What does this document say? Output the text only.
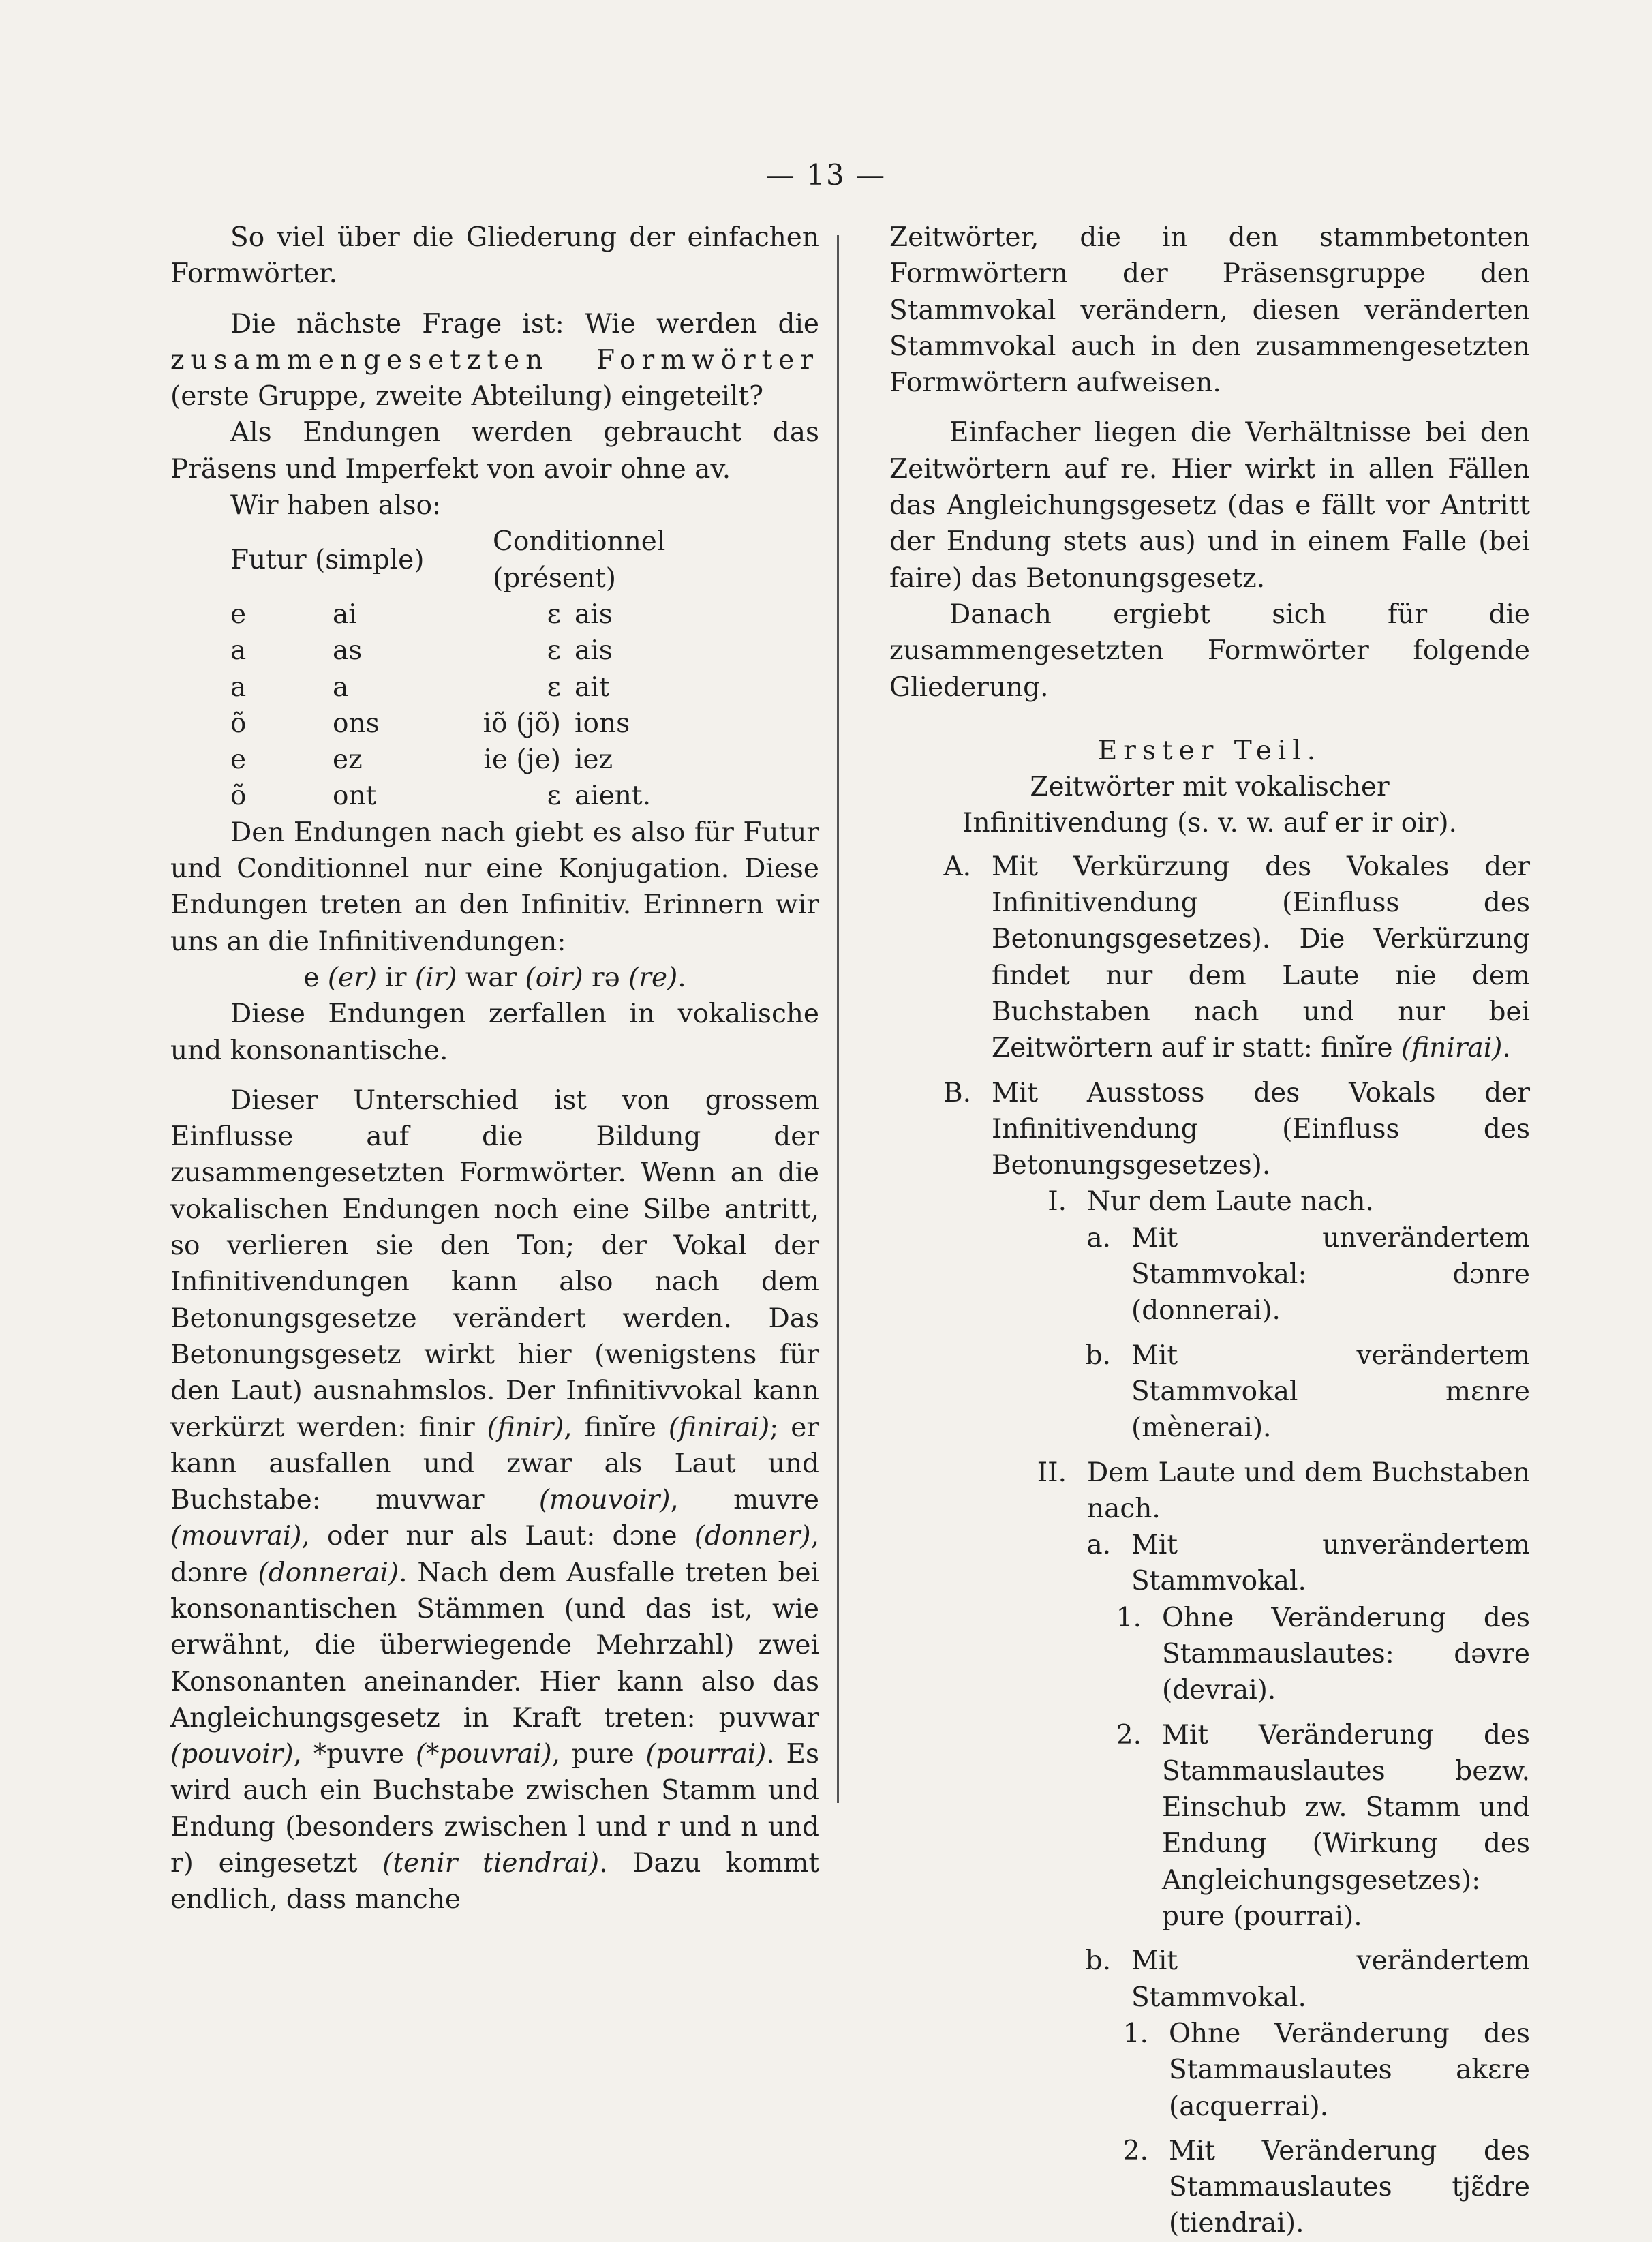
— 13 —

So viel über die Gliederung der einfachen Formwörter.

Die nächste Frage ist: Wie werden die zusammengesetzten Formwörter (erste Gruppe, zweite Abteilung) eingeteilt?

Als Endungen werden gebraucht das Präsens und Imperfekt von avoir ohne av.

Wir haben also:

Futur (simple)		Conditionnel (présent)	
e	ai	ɛ	ais
a	as	ɛ	ais
a	a	ɛ	ait
õ	ons	iõ (jõ)	ions
e	ez	ie (je)	iez
õ	ont	ɛ	aient.

Den Endungen nach giebt es also für Futur und Conditionnel nur eine Konjugation. Diese Endungen treten an den Infinitiv. Erinnern wir uns an die Infinitivendungen:

e (er) ir (ir) war (oir) rə (re).

Diese Endungen zerfallen in vokalische und konsonantische.

Dieser Unterschied ist von grossem Einflusse auf die Bildung der zusammengesetzten Formwörter. Wenn an die vokalischen Endungen noch eine Silbe antritt, so verlieren sie den Ton; der Vokal der Infinitivendungen kann also nach dem Betonungsgesetze verändert werden. Das Betonungsgesetz wirkt hier (wenigstens für den Laut) ausnahmslos. Der Infinitivvokal kann verkürzt werden: finir (finir), finĭre (finirai); er kann ausfallen und zwar als Laut und Buchstabe: muvwar (mouvoir), muvre (mouvrai), oder nur als Laut: dɔne (donner), dɔnre (donnerai). Nach dem Ausfalle treten bei konsonantischen Stämmen (und das ist, wie erwähnt, die überwiegende Mehrzahl) zwei Konsonanten aneinander. Hier kann also das Angleichungsgesetz in Kraft treten: puvwar (pouvoir), *puvre (*pouvrai), pure (pourrai). Es wird auch ein Buchstabe zwischen Stamm und Endung (besonders zwischen l und r und n und r) eingesetzt (tenir tiendrai). Dazu kommt endlich, dass manche

Zeitwörter, die in den stammbetonten Formwörtern der Präsensgruppe den Stammvokal verändern, diesen veränderten Stammvokal auch in den zusammengesetzten Formwörtern aufweisen.

Einfacher liegen die Verhältnisse bei den Zeitwörtern auf re. Hier wirkt in allen Fällen das Angleichungsgesetz (das e fällt vor Antritt der Endung stets aus) und in einem Falle (bei faire) das Betonungsgesetz.

Danach ergiebt sich für die zusammengesetzten Formwörter folgende Gliederung.

Erster Teil.

Zeitwörter mit vokalischer Infinitivendung (s. v. w. auf er ir oir).

A. Mit Verkürzung des Vokales der Infinitivendung (Einfluss des Betonungsgesetzes). Die Verkürzung findet nur dem Laute nie dem Buchstaben nach und nur bei Zeitwörtern auf ir statt: finĭre (finirai).
B. Mit Ausstoss des Vokals der Infinitivendung (Einfluss des Betonungsgesetzes).
I. Nur dem Laute nach.
a. Mit unverändertem Stammvokal: dɔnre (donnerai).
b. Mit verändertem Stammvokal mɛnre (mènerai).
II. Dem Laute und dem Buchstaben nach.
a. Mit unverändertem Stammvokal.
1. Ohne Veränderung des Stammauslautes: dəvre (devrai).
2. Mit Veränderung des Stammauslautes bezw. Einschub zw. Stamm und Endung (Wirkung des Angleichungsgesetzes): pure (pourrai).
b. Mit verändertem Stammvokal.
1. Ohne Veränderung des Stammauslautes akɛre (acquerrai).
2. Mit Veränderung des Stammauslautes tjɛ̃dre (tiendrai).
